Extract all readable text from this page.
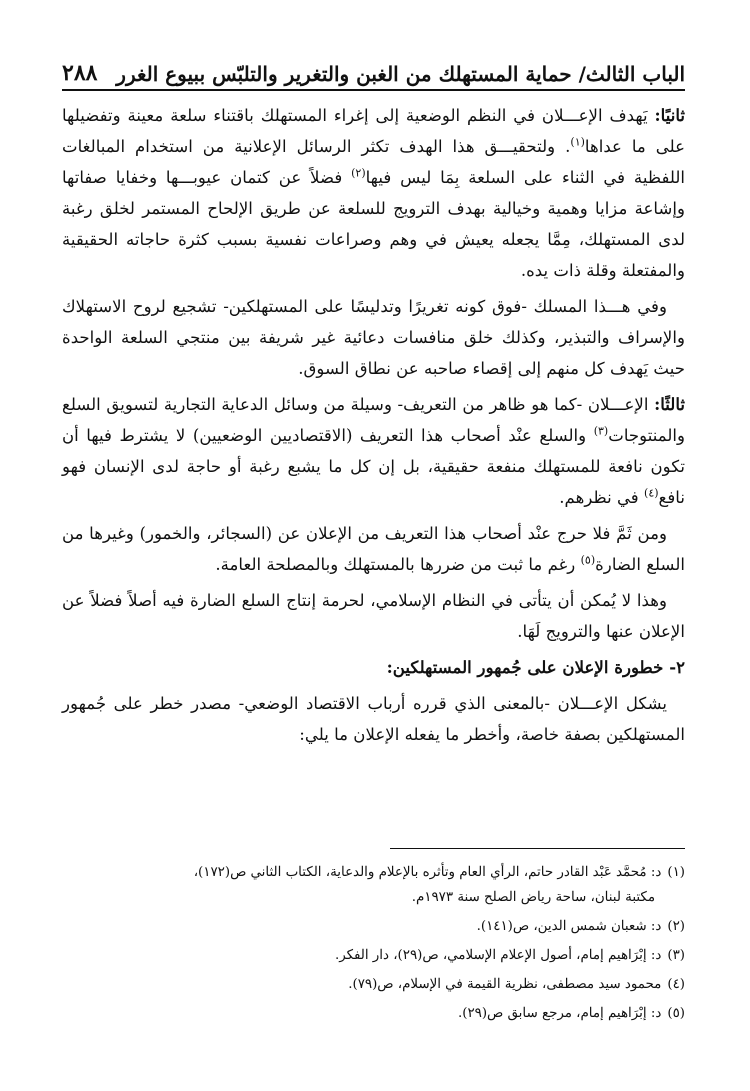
الباب الثالث/ حماية المستهلك من الغبن والتغرير والتلبّس ببيوع الغرر
٢٨٨

ثانيًا: يَهدف الإعـــلان في النظم الوضعية إلى إغراء المستهلك باقتناء سلعة معينة وتفضيلها على ما عداها$^{(١)}$. ولتحقيـــق هذا الهدف تكثر الرسائل الإعلانية من استخدام المبالغات اللفظية في الثناء على السلعة بِمَا ليس فيها$^{(٢)}$ فضلاً عن كتمان عيوبـــها وخفايا صفاتها وإشاعة مزايا وهمية وخيالية بهدف الترويج للسلعة عن طريق الإلحاح المستمر لخلق رغبة لدى المستهلك، مِمَّا يجعله يعيش في وهم وصراعات نفسية بسبب كثرة حاجاته الحقيقية والمفتعلة وقلة ذات يده.

وفي هـــذا المسلك -فوق كونه تغريرًا وتدليسًا على المستهلكين- تشجيع لروح الاستهلاك والإسراف والتبذير، وكذلك خلق منافسات دعائية غير شريفة بين منتجي السلعة الواحدة حيث يَهدف كل منهم إلى إقصاء صاحبه عن نطاق السوق.

ثالثًا: الإعـــلان -كما هو ظاهر من التعريف- وسيلة من وسائل الدعاية التجارية لتسويق السلع والمنتوجات$^{(٣)}$ والسلع عنْد أصحاب هذا التعريف (الاقتصاديين الوضعيين) لا يشترط فيها أن تكون نافعة للمستهلك منفعة حقيقية، بل إن كل ما يشبع رغبة أو حاجة لدى الإنسان فهو نافع$^{(٤)}$ في نظرهم.

ومن ثَمَّ فلا حرج عنْد أصحاب هذا التعريف من الإعلان عن (السجائر، والخمور) وغيرها من السلع الضارة$^{(٥)}$ رغم ما ثبت من ضررها بالمستهلك وبالمصلحة العامة.

وهذا لا يُمكن أن يتأتى في النظام الإسلامي، لحرمة إنتاج السلع الضارة فيه أصلاً فضلاً عن الإعلان عنها والترويج لَهَا.

٢- خطورة الإعلان على جُمهور المستهلكين:

يشكل الإعـــلان -بالمعنى الذي قرره أرباب الاقتصاد الوضعي- مصدر خطر على جُمهور المستهلكين بصفة خاصة، وأخطر ما يفعله الإعلان ما يلي:

(١)د: مُحمَّد عَبْد القادر حاتم، الرأي العام وتأثره بالإعلام والدعاية، الكتاب الثاني ص(١٧٢)،
مكتبة لبنان، ساحة رياض الصلح سنة ١٩٧٣م.
(٢)د: شعبان شمس الدين، ص(١٤١).
(٣)د: إبْرَاهيم إمام، أصول الإعلام الإسلامي، ص(٢٩)، دار الفكر.
(٤)محمود سيد مصطفى، نظرية القيمة في الإسلام، ص(٧٩).
(٥)د: إبْرَاهيم إمام، مرجع سابق ص(٢٩).
